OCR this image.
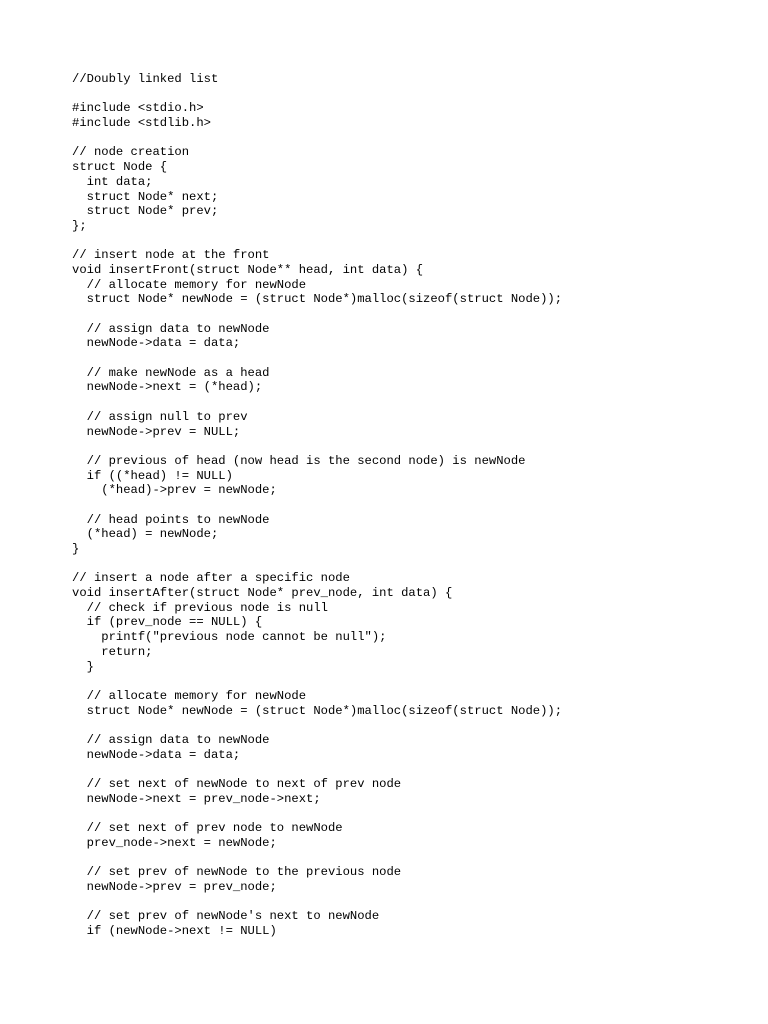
//Doubly linked list
#include <stdio.h>
#include <stdlib.h>
// node creation
struct Node {
int data;
struct Node* next;
struct Node* prev;
};
// insert node at the front
void insertFront(struct Node** head, int data) {
// allocate memory for newNode
struct Node* newNode = (struct Node*)malloc(sizeof(struct Node));
// assign data to newNode
newNode->data = data;
// make newNode as a head
newNode->next = (*head);
// assign null to prev
newNode->prev = NULL;
// previous of head (now head is the second node) is newNode
if ((*head) != NULL)
(*head)->prev = newNode;
// head points to newNode
(*head) = newNode;
}
// insert a node after a specific node
void insertAfter(struct Node* prev_node, int data) {
// check if previous node is null
if (prev_node == NULL) {
printf("previous node cannot be null");
return;
}
// allocate memory for newNode
struct Node* newNode = (struct Node*)malloc(sizeof(struct Node));
// assign data to newNode
newNode->data = data;
// set next of newNode to next of prev node
newNode->next = prev_node->next;
// set next of prev node to newNode
prev_node->next = newNode;
// set prev of newNode to the previous node
newNode->prev = prev_node;
// set prev of newNode's next to newNode
if (newNode->next != NULL)
